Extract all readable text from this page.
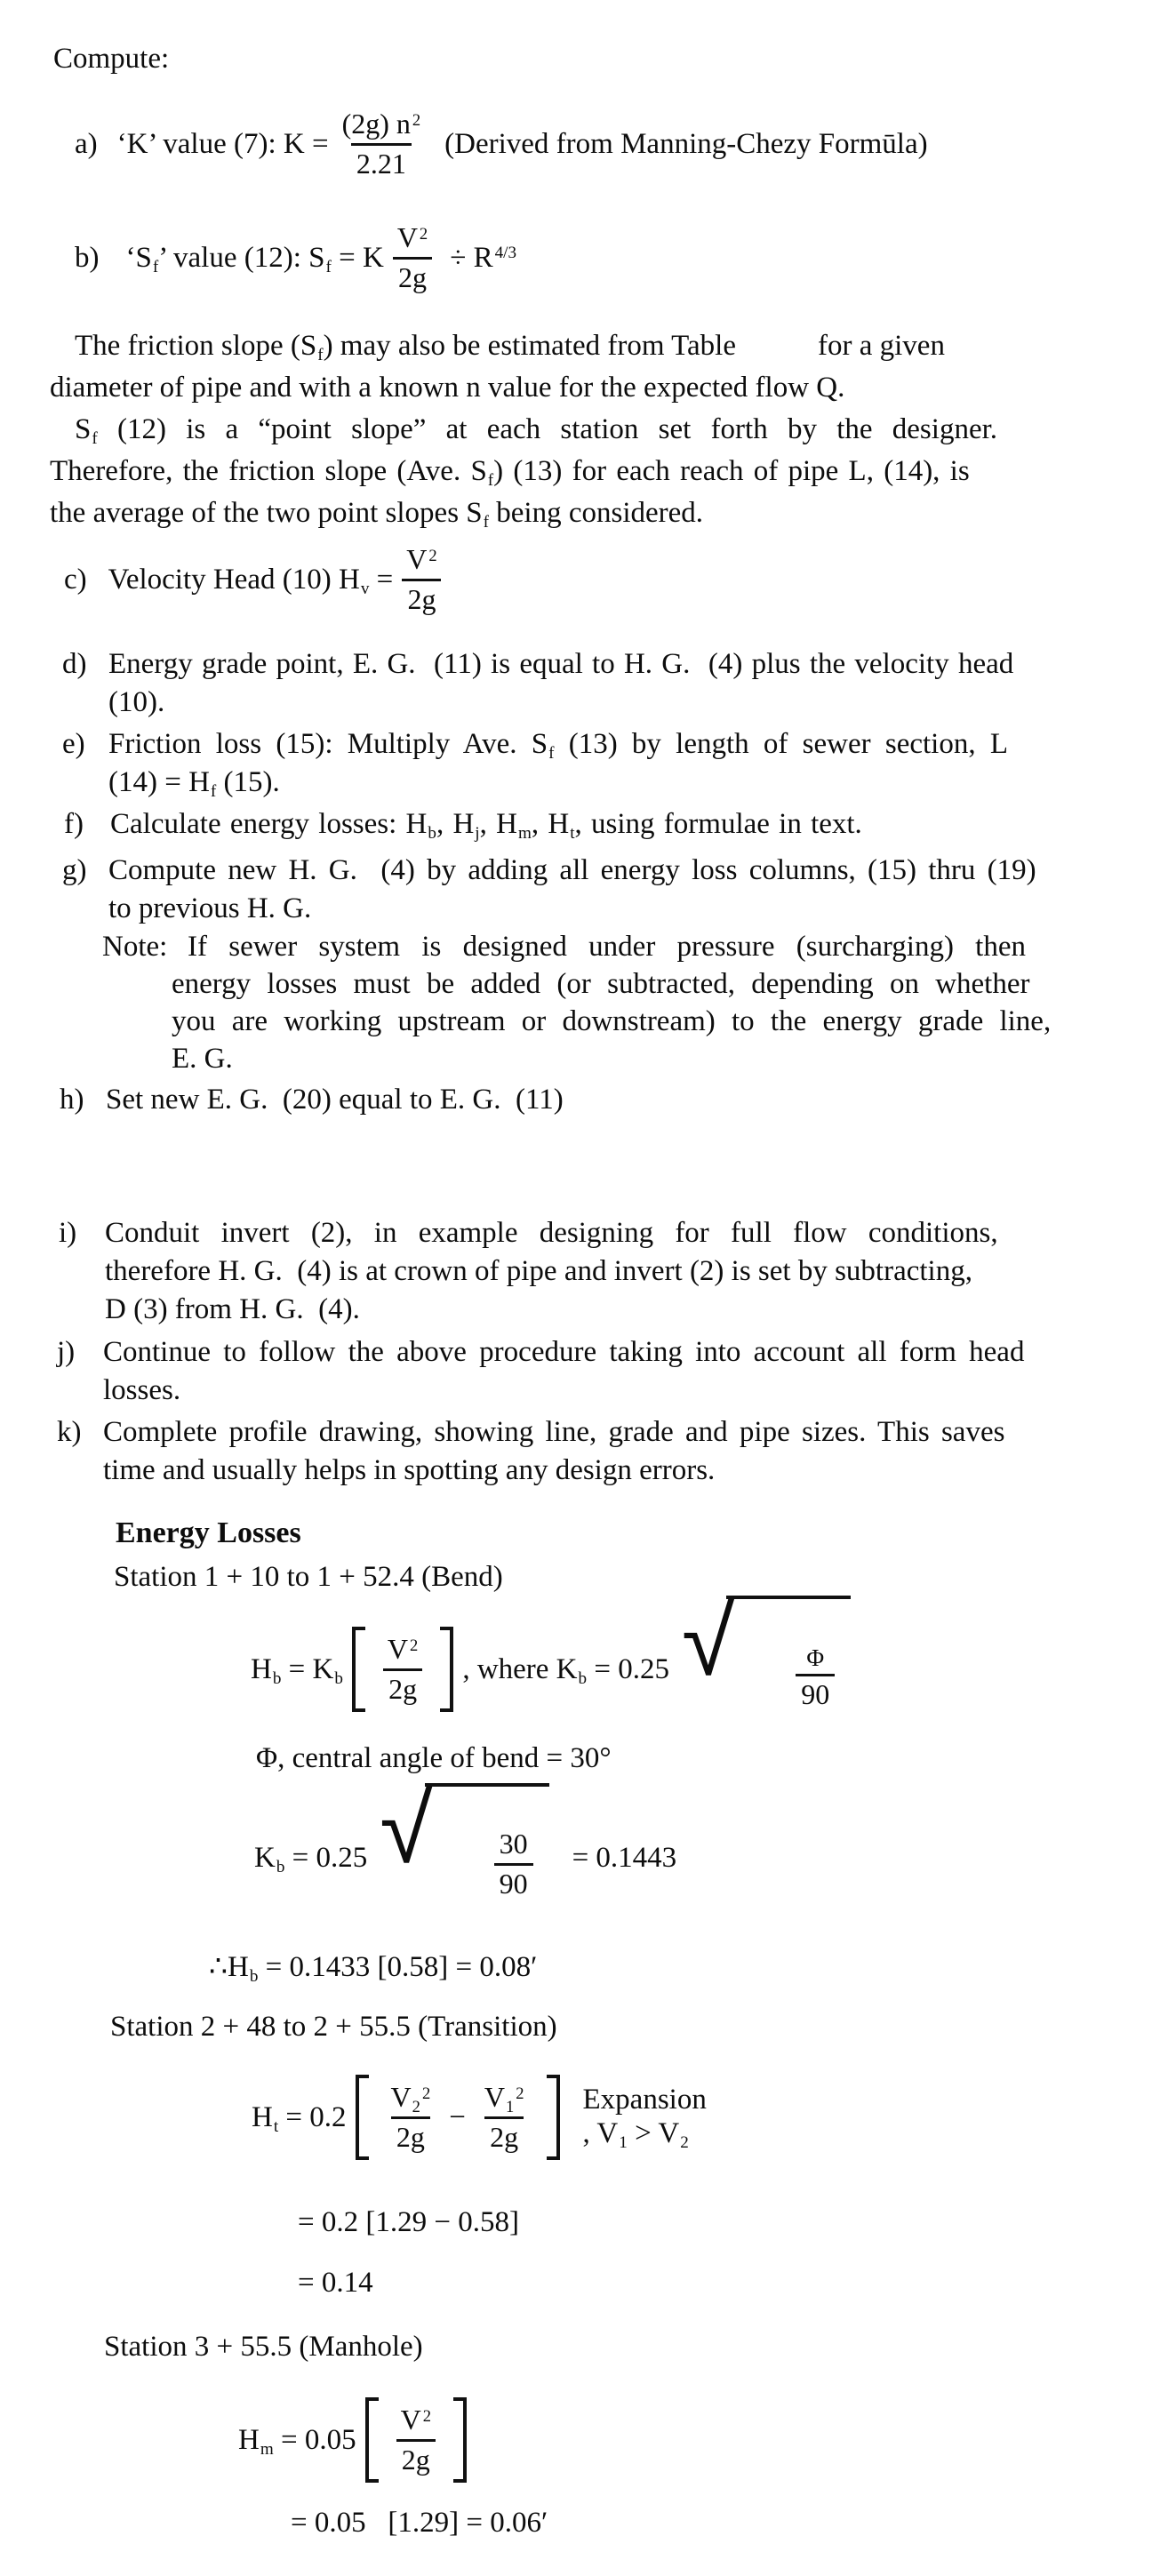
Compute:
a) ‘K’ value (7): $K = \frac{(2g) n ^2}{2.21}$ (Derived from Manning-Chezy Formūla)
b) ‘$S_f$’ value (12): $S_f = K \frac{V ^2}{2g} \div R$ $^{4/3}$
The friction slope $(S_f)$ may also be estimated from Table	for a given
diameter of pipe and with a known n value for the expected flow Q.
$S_f$ (12) is a “point slope” at each station set forth by the designer.
Therefore, the friction slope (Ave. $S_f$) (13) for each reach of pipe L, (14), is
the average of the two point slopes $S_f$ being considered.
c) Velocity Head (10) $H_v = \frac{V ^2}{2g}$
d) Energy grade point, E. G.  (11) is equal to H. G.  (4) plus the velocity head
(10).
e) Friction loss (15): Multiply Ave. $S_f$ (13) by length of sewer section, L
$(14) = H_f$ (15).
f) Calculate energy losses: $H_b$, $H_j$, $H_m$, $H_t$, using formulae in text.
g) Compute new H. G.  (4) by adding all energy loss columns, (15) thru (19)
to previous H. G.
Note: If sewer system is designed under pressure (surcharging) then
energy losses must be added (or subtracted, depending on whether
you are working upstream or downstream) to the energy grade line,
E. G.
h) Set new E. G.  (20) equal to E. G.  (11)
i) Conduit invert (2), in example designing for full flow conditions,
therefore H. G.  (4) is at crown of pipe and invert (2) is set by subtracting,
D (3) from H. G.  (4).
j) Continue to follow the above procedure taking into account all form head
losses.
k) Complete profile drawing, showing line, grade and pipe sizes. This saves
time and usually helps in spotting any design errors.
Energy Losses
Station 1 + 10 to 1 + 52.4 (Bend)
$H_b = K_b \frac{V ^2}{2g}$ , where $K_b = 0.25$ √

	$\frac{\Phi}{90}$

Φ, central angle of bend = 30°
$K_b = 0.25$ √

$\frac{30}{90}$

= 0.1443
$\therefore H_b = 0.1433$ [0.58] = 0.08′
Station 2 + 48 to 2 + 55.5 (Transition)
$H_t = 0.2 \frac{V_2^2}{2g} - \frac{V_1^2}{2g}$ Expansion
, $V_1 > V_2$
= 0.2 [1.29 − 0.58]
= 0.14
Station 3 + 55.5 (Manhole)
$H_m = 0.05 \frac{V ^2}{2g}$
= 0.05   [1.29] = 0.06′
